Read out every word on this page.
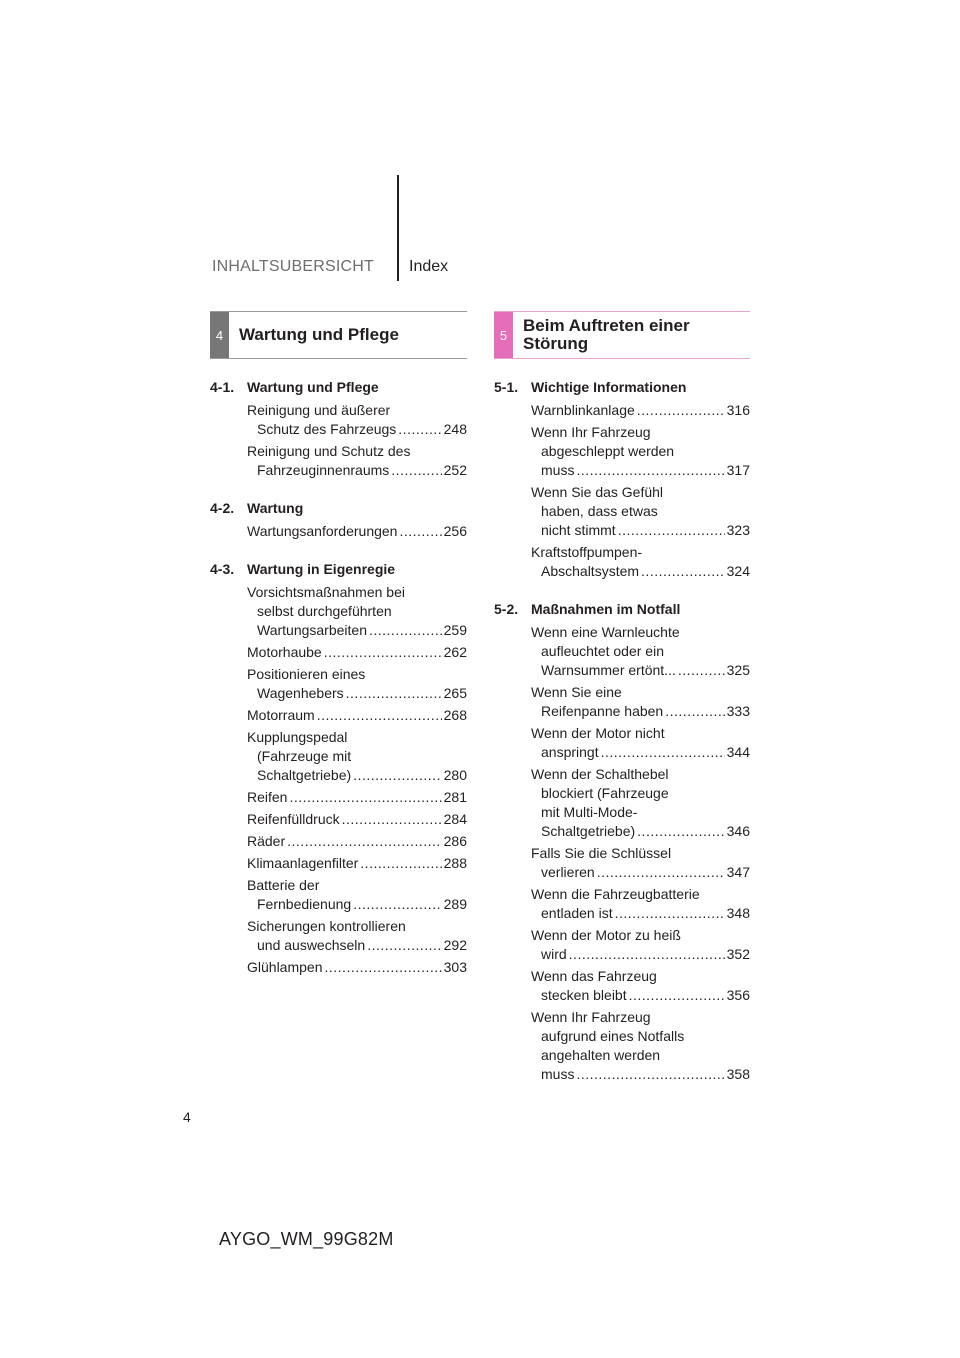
INHALTSUBERSICHT Index
4 Wartung und Pflege	5 Beim Auftreten einer Störung
4-1. Wartung und Pflege
Reinigung und äußerer
Schutz des Fahrzeugs .....	248
Reinigung und Schutz des
Fahrzeuginnenraums .....	252
4-2. Wartung
Wartungsanforderungen .....	256
4-3. Wartung in Eigenregie
Vorsichtsmaßnahmen bei
selbst durchgeführten
Wartungsarbeiten .....	259
Motorhaube .....	262
Positionieren eines
Wagenhebers .....	265
Motorraum .....	268
Kupplungspedal
(Fahrzeuge mit
Schaltgetriebe) .....	280
Reifen .....	281
Reifenfülldruck .....	284
Räder .....	286
Klimaanlagenfilter .....	288
Batterie der
Fernbedienung .....	289
Sicherungen kontrollieren
und auswechseln .....	292
Glühlampen .....	303
5-1. Wichtige Informationen
Warnblinkanlage .....	316
Wenn Ihr Fahrzeug
abgeschleppt werden
muss .....	317
Wenn Sie das Gefühl
haben, dass etwas
nicht stimmt .....	323
Kraftstoffpumpen-
Abschaltsystem .....	324
5-2. Maßnahmen im Notfall
Wenn eine Warnleuchte
aufleuchtet oder ein
Warnsummer ertönt... .....	325
Wenn Sie eine
Reifenpanne haben .....	333
Wenn der Motor nicht
anspringt .....	344
Wenn der Schalthebel
blockiert (Fahrzeuge
mit Multi-Mode-
Schaltgetriebe) .....	346
Falls Sie die Schlüssel
verlieren .....	347
Wenn die Fahrzeugbatterie
entladen ist .....	348
Wenn der Motor zu heiß
wird .....	352
Wenn das Fahrzeug
stecken bleibt .....	356
Wenn Ihr Fahrzeug
aufgrund eines Notfalls
angehalten werden
muss .....	358
4
AYGO_WM_99G82M
